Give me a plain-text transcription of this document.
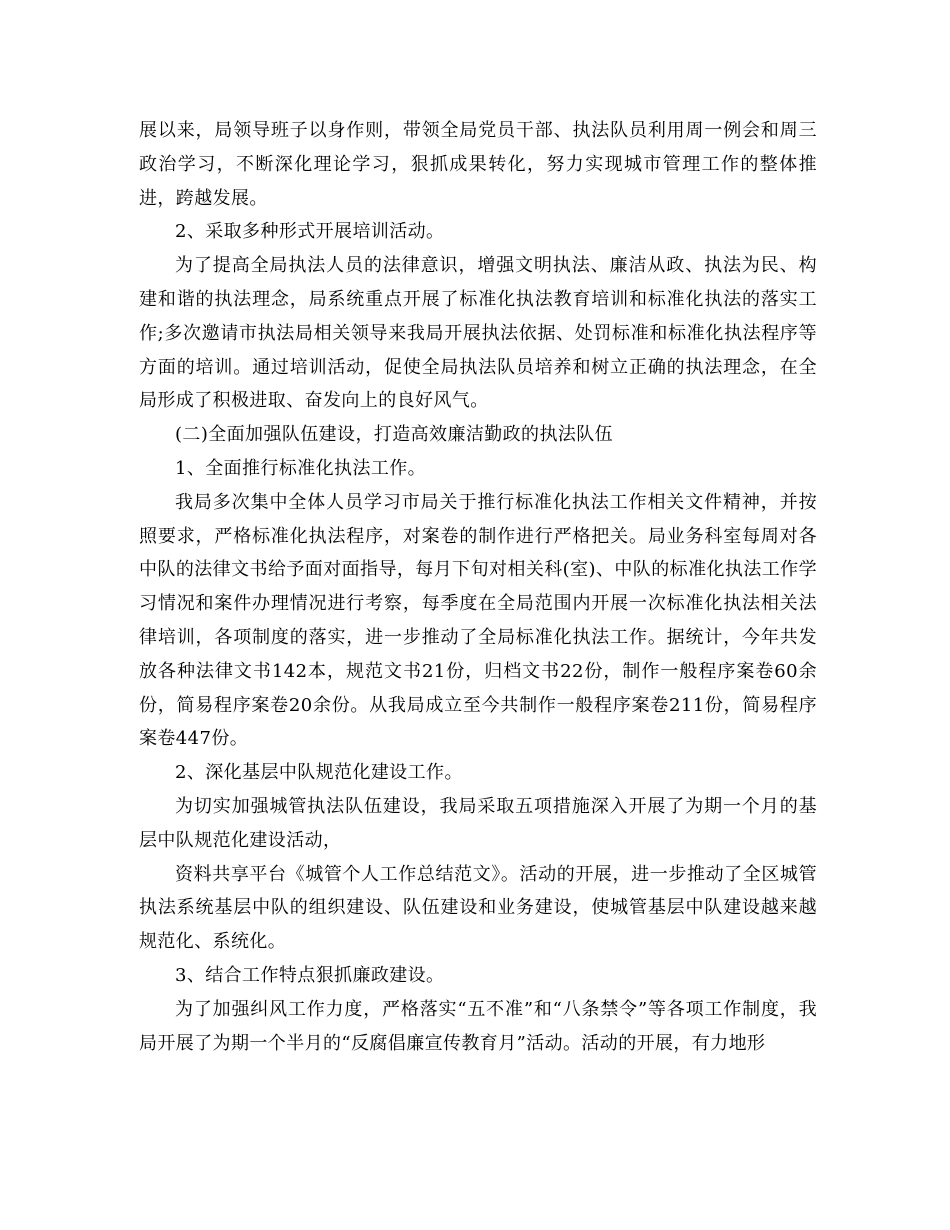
展以来，局领导班子以身作则，带领全局党员干部、执法队员利用周一例会和周三政治学习，不断深化理论学习，狠抓成果转化，努力实现城市管理工作的整体推进，跨越发展。

2、采取多种形式开展培训活动。

为了提高全局执法人员的法律意识，增强文明执法、廉洁从政、执法为民、构建和谐的执法理念，局系统重点开展了标准化执法教育培训和标准化执法的落实工作;多次邀请市执法局相关领导来我局开展执法依据、处罚标准和标准化执法程序等方面的培训。通过培训活动，促使全局执法队员培养和树立正确的执法理念，在全局形成了积极进取、奋发向上的良好风气。

(二)全面加强队伍建设，打造高效廉洁勤政的执法队伍

1、全面推行标准化执法工作。

我局多次集中全体人员学习市局关于推行标准化执法工作相关文件精神，并按照要求，严格标准化执法程序，对案卷的制作进行严格把关。局业务科室每周对各中队的法律文书给予面对面指导，每月下旬对相关科(室)、中队的标准化执法工作学习情况和案件办理情况进行考察，每季度在全局范围内开展一次标准化执法相关法律培训，各项制度的落实，进一步推动了全局标准化执法工作。据统计，今年共发放各种法律文书142本，规范文书21份，归档文书22份，制作一般程序案卷60余份，简易程序案卷20余份。从我局成立至今共制作一般程序案卷211份，简易程序案卷447份。

2、深化基层中队规范化建设工作。

为切实加强城管执法队伍建设，我局采取五项措施深入开展了为期一个月的基层中队规范化建设活动，

资料共享平台《城管个人工作总结范文》。活动的开展，进一步推动了全区城管执法系统基层中队的组织建设、队伍建设和业务建设，使城管基层中队建设越来越规范化、系统化。

3、结合工作特点狠抓廉政建设。

为了加强纠风工作力度，严格落实“五不准”和“八条禁令”等各项工作制度，我局开展了为期一个半月的“反腐倡廉宣传教育月”活动。活动的开展，有力地形
